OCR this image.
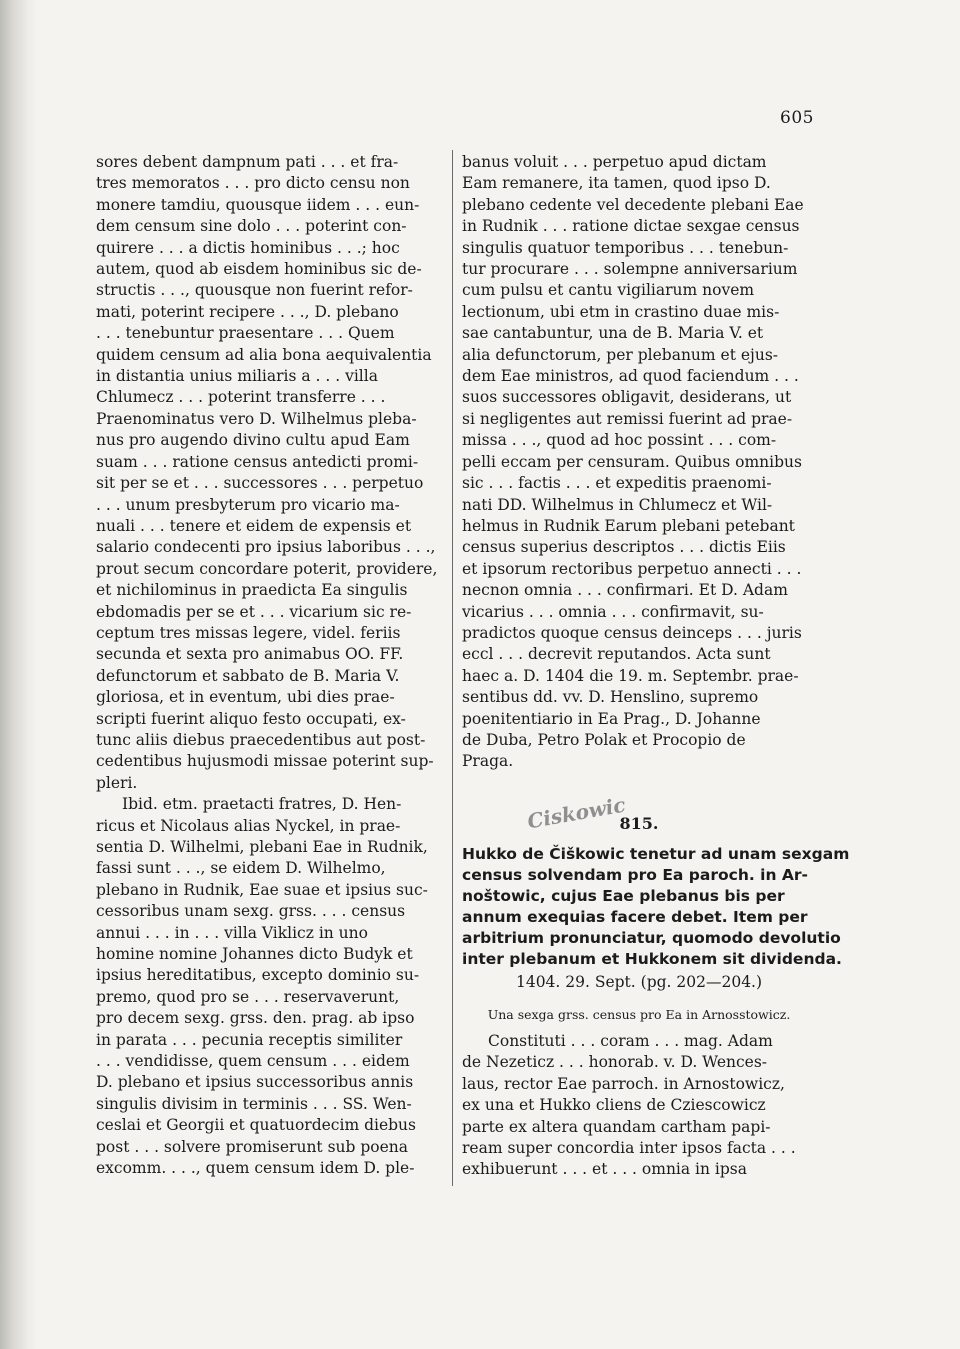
605
sores debent dampnum pati . . . et fra-
tres memoratos . . . pro dicto censu non
monere tamdiu, quousque iidem . . . eun-
dem censum sine dolo . . . poterint con-
quirere . . . a dictis hominibus . . .; hoc
autem, quod ab eisdem hominibus sic de-
structis . . ., quousque non fuerint refor-
mati, poterint recipere . . ., D. plebano
. . . tenebuntur praesentare . . . Quem
quidem censum ad alia bona aequivalentia
in distantia unius miliaris a . . . villa
Chlumecz . . . poterint transferre . . .
Praenominatus vero D. Wilhelmus pleba-
nus pro augendo divino cultu apud Eam
suam . . . ratione census antedicti promi-
sit per se et . . . successores . . . perpetuo
. . . unum presbyterum pro vicario ma-
nuali . . . tenere et eidem de expensis et
salario condecenti pro ipsius laboribus . . .,
prout secum concordare poterit, providere,
et nichilominus in praedicta Ea singulis
ebdomadis per se et . . . vicarium sic re-
ceptum tres missas legere, videl. feriis
secunda et sexta pro animabus OO. FF.
defunctorum et sabbato de B. Maria V.
gloriosa, et in eventum, ubi dies prae-
scripti fuerint aliquo festo occupati, ex-
tunc aliis diebus praecedentibus aut post-
cedentibus hujusmodi missae poterint sup-
pleri.
Ibid. etm. praetacti fratres, D. Hen-
ricus et Nicolaus alias Nyckel, in prae-
sentia D. Wilhelmi, plebani Eae in Rudnik,
fassi sunt . . ., se eidem D. Wilhelmo,
plebano in Rudnik, Eae suae et ipsius suc-
cessoribus unam sexg. grss. . . . census
annui . . . in . . . villa Viklicz in uno
homine nomine Johannes dicto Budyk et
ipsius hereditatibus, excepto dominio su-
premo, quod pro se . . . reservaverunt,
pro decem sexg. grss. den. prag. ab ipso
in parata . . . pecunia receptis similiter
. . . vendidisse, quem censum . . . eidem
D. plebano et ipsius successoribus annis
singulis divisim in terminis . . . SS. Wen-
ceslai et Georgii et quatuordecim diebus
post . . . solvere promiserunt sub poena
excomm. . . ., quem censum idem D. ple-
banus voluit . . . perpetuo apud dictam
Eam remanere, ita tamen, quod ipso D.
plebano cedente vel decedente plebani Eae
in Rudnik . . . ratione dictae sexgae census
singulis quatuor temporibus . . . tenebun-
tur procurare . . . solempne anniversarium
cum pulsu et cantu vigiliarum novem
lectionum, ubi etm in crastino duae mis-
sae cantabuntur, una de B. Maria V. et
alia defunctorum, per plebanum et ejus-
dem Eae ministros, ad quod faciendum . . .
suos successores obligavit, desiderans, ut
si negligentes aut remissi fuerint ad prae-
missa . . ., quod ad hoc possint . . . com-
pelli eccam per censuram. Quibus omnibus
sic . . . factis . . . et expeditis praenomi-
nati DD. Wilhelmus in Chlumecz et Wil-
helmus in Rudnik Earum plebani petebant
census superius descriptos . . . dictis Eiis
et ipsorum rectoribus perpetuo annecti . . .
necnon omnia . . . confirmari. Et D. Adam
vicarius . . . omnia . . . confirmavit, su-
pradictos quoque census deinceps . . . juris
eccl . . . decrevit reputandos. Acta sunt
haec a. D. 1404 die 19. m. Septembr. prae-
sentibus dd. vv. D. Henslino, supremo
poenitentiario in Ea Prag., D. Johanne
de Duba, Petro Polak et Procopio de
Praga.
Ciskowic
815.
Hukko de Čiškowic tenetur ad unam sexgam
census solvendam pro Ea paroch. in Ar-
noštowic, cujus Eae plebanus bis per
annum exequias facere debet. Item per
arbitrium pronunciatur, quomodo devolutio
inter plebanum et Hukkonem sit dividenda.
1404. 29. Sept. (pg. 202—204.)
Una sexga grss. census pro Ea in Arnosstowicz.
Constituti . . . coram . . . mag. Adam
de Nezeticz . . . honorab. v. D. Wences-
laus, rector Eae parroch. in Arnostowicz,
ex una et Hukko cliens de Cziescowicz
parte ex altera quandam cartham papi-
ream super concordia inter ipsos facta . . .
exhibuerunt . . . et . . . omnia in ipsa
